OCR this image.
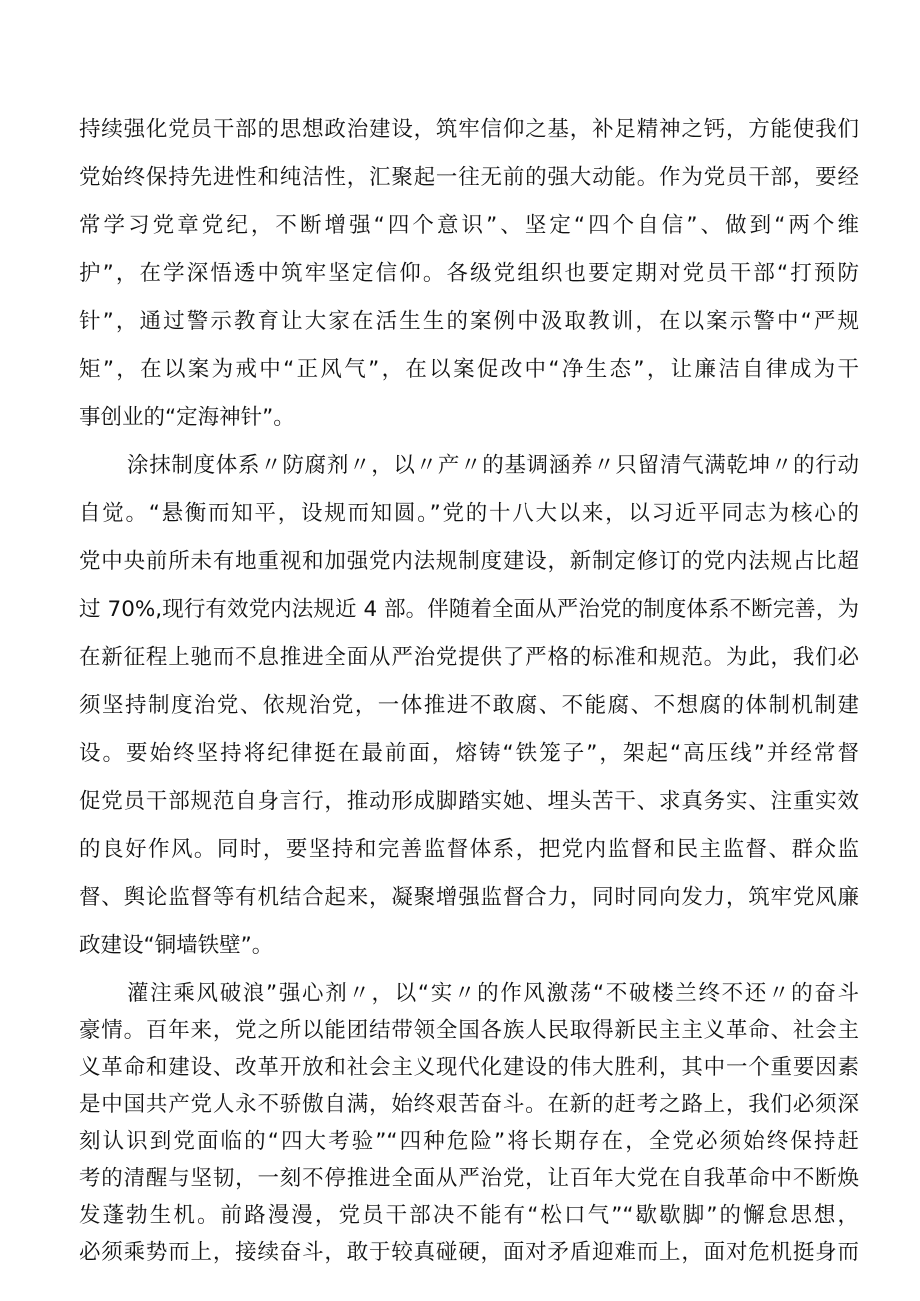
持续强化党员干部的思想政治建设，筑牢信仰之基，补足精神之钙，方能使我们
党始终保持先进性和纯洁性，汇聚起一往无前的强大动能。作为党员干部，要经
常学习党章党纪，不断增强“四个意识”、坚定“四个自信”、做到“两个维
护”，在学深悟透中筑牢坚定信仰。各级党组织也要定期对党员干部“打预防
针”，通过警示教育让大家在活生生的案例中汲取教训，在以案示警中“严规
矩”，在以案为戒中“正风气”，在以案促改中“净生态”，让廉洁自律成为干
事创业的“定海神针”。
涂抹制度体系〃防腐剂〃，以〃产〃的基调涵养〃只留清气满乾坤〃的行动
自觉。“悬衡而知平，设规而知圆。”党的十八大以来，以习近平同志为核心的
党中央前所未有地重视和加强党内法规制度建设，新制定修订的党内法规占比超
过 70%,现行有效党内法规近 4 部。伴随着全面从严治党的制度体系不断完善，为
在新征程上驰而不息推进全面从严治党提供了严格的标准和规范。为此，我们必
须坚持制度治党、依规治党，一体推进不敢腐、不能腐、不想腐的体制机制建
设。要始终坚持将纪律挺在最前面，熔铸“铁笼子”，架起“高压线”并经常督
促党员干部规范自身言行，推动形成脚踏实她、埋头苦干、求真务实、注重实效
的良好作风。同时，要坚持和完善监督体系，把党内监督和民主监督、群众监
督、舆论监督等有机结合起来，凝聚增强监督合力，同时同向发力，筑牢党风廉
政建设“铜墙铁壁”。
灌注乘风破浪”强心剂〃，以“实〃的作风激荡“不破楼兰终不还〃的奋斗
豪情。百年来，党之所以能团结带领全国各族人民取得新民主主义革命、社会主
义革命和建设、改革开放和社会主义现代化建设的伟大胜利，其中一个重要因素
是中国共产党人永不骄傲自满，始终艰苦奋斗。在新的赶考之路上，我们必须深
刻认识到党面临的“四大考验”“四种危险”将长期存在，全党必须始终保持赶
考的清醒与坚韧，一刻不停推进全面从严治党，让百年大党在自我革命中不断焕
发蓬勃生机。前路漫漫，党员干部决不能有“松口气”“歇歇脚”的懈怠思想，
必须乘势而上，接续奋斗，敢于较真碰硬，面对矛盾迎难而上，面对危机挺身而
